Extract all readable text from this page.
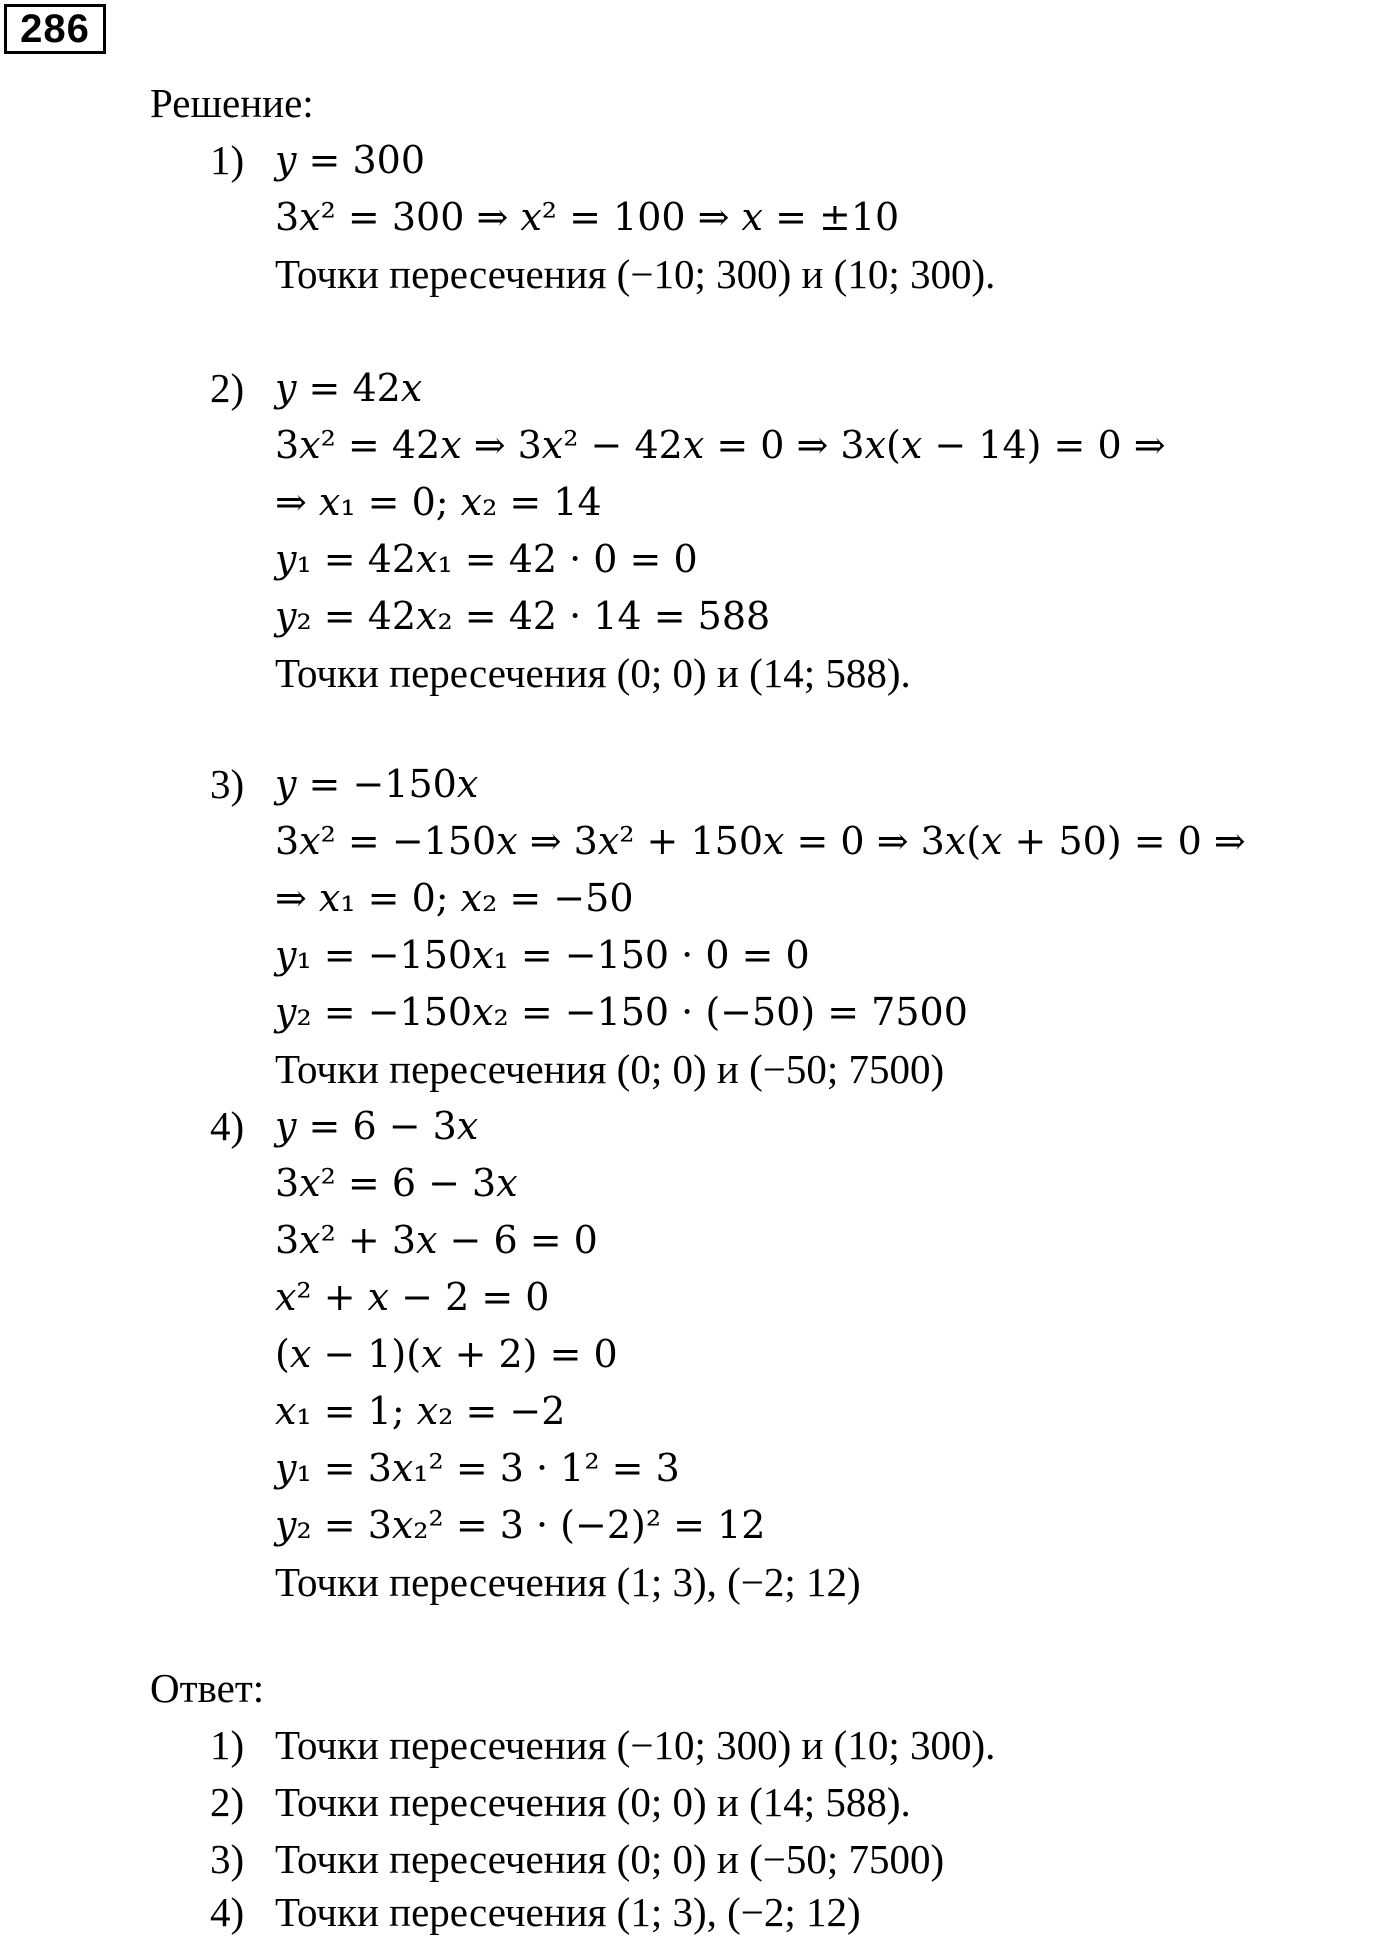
286
Решение:
1) 𝑦 = 300
3𝑥² = 300 ⇒ 𝑥² = 100 ⇒ 𝑥 = ±10
Точки пересечения (−10; 300) и (10; 300).
2) 𝑦 = 42𝑥
3𝑥² = 42𝑥 ⇒ 3𝑥² − 42𝑥 = 0 ⇒ 3𝑥(𝑥 − 14) = 0 ⇒
⇒ 𝑥₁ = 0; 𝑥₂ = 14
𝑦₁ = 42𝑥₁ = 42 · 0 = 0
𝑦₂ = 42𝑥₂ = 42 · 14 = 588
Точки пересечения (0; 0) и (14; 588).
3) 𝑦 = −150𝑥
3𝑥² = −150𝑥 ⇒ 3𝑥² + 150𝑥 = 0 ⇒ 3𝑥(𝑥 + 50) = 0 ⇒
⇒ 𝑥₁ = 0; 𝑥₂ = −50
𝑦₁ = −150𝑥₁ = −150 · 0 = 0
𝑦₂ = −150𝑥₂ = −150 · (−50) = 7500
Точки пересечения (0; 0) и (−50; 7500)
4) 𝑦 = 6 − 3𝑥
3𝑥² = 6 − 3𝑥
3𝑥² + 3𝑥 − 6 = 0
𝑥² + 𝑥 − 2 = 0
(𝑥 − 1)(𝑥 + 2) = 0
𝑥₁ = 1; 𝑥₂ = −2
𝑦₁ = 3𝑥₁² = 3 · 1² = 3
𝑦₂ = 3𝑥₂² = 3 · (−2)² = 12
Точки пересечения (1; 3), (−2; 12)
Ответ:
1) Точки пересечения (−10; 300) и (10; 300).
2) Точки пересечения (0; 0) и (14; 588).
3) Точки пересечения (0; 0) и (−50; 7500)
4) Точки пересечения (1; 3), (−2; 12)
